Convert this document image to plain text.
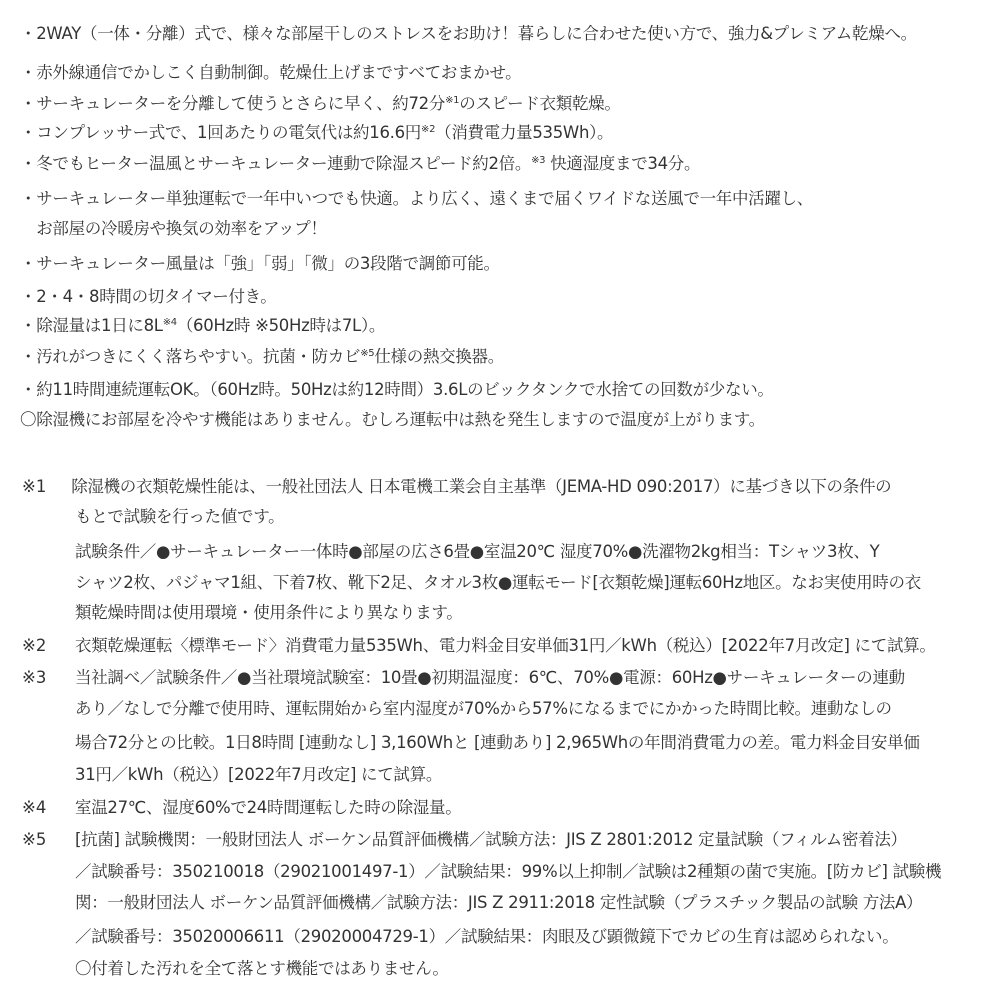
・2WAY（一体・分離）式で、様々な部屋干しのストレスをお助け！暮らしに合わせた使い方で、強力&プレミアム乾燥へ。
・赤外線通信でかしこく自動制御。乾燥仕上げまですべておまかせ。
・サーキュレーターを分離して使うとさらに早く、約72分$^{※1}$のスピード衣類乾燥。
・コンプレッサー式で、1回あたりの電気代は約16.6円$^{※2}$（消費電力量535Wh）。
・冬でもヒーター温風とサーキュレーター連動で除湿スピード約2倍。$^{※3}$ 快適湿度まで34分。
・サーキュレーター単独運転で一年中いつでも快適。より広く、遠くまで届くワイドな送風で一年中活躍し、
　お部屋の冷暖房や換気の効率をアップ！
・サーキュレーター風量は「強」「弱」「微」の3段階で調節可能。
・2・4・8時間の切タイマー付き。
・除湿量は1日に$8L^{※4}(60Hz$時 ※50Hz時は7L）。
・汚れがつきにくく落ちやすい。抗菌・防カビ$^{※5}$仕様の熱交換器。
・約11時間連続運転OK。（60Hz時。50Hzは約12時間）3.6Lのビックタンクで水捨ての回数が少ない。
〇除湿機にお部屋を冷やす機能はありません。むしろ運転中は熱を発生しますので温度が上がります。
※1 　除湿機の衣類乾燥性能は、一般社団法人 日本電機工業会自主基準（JEMA-HD 090:2017）に基づき以下の条件の
もとで試験を行った値です。
試験条件／●サーキュレーター一体時●部屋の広さ6畳●室温20℃ 湿度70%●洗濯物2kg相当：Tシャツ3枚、Y
シャツ2枚、パジャマ1組、下着7枚、靴下2足、タオル3枚●運転モード[衣類乾燥]運転60Hz地区。なお実使用時の衣
類乾燥時間は使用環境・使用条件により異なります。
※2 衣類乾燥運転〈標準モード〉消費電力量535Wh、電力料金目安単価31円／kWh（税込）[2022年7月改定] にて試算。
※3 当社調べ／試験条件／●当社環境試験室：10畳●初期温湿度：6℃、70%●電源：60Hz●サーキュレーターの連動
あり／なしで分離で使用時、運転開始から室内湿度が70%から57%になるまでにかかった時間比較。連動なしの
場合72分との比較。1日8時間 [連動なし] 3,160Whと [連動あり] 2,965Whの年間消費電力の差。電力料金目安単価
31円／kWh（税込）[2022年7月改定] にて試算。
※4 室温27℃、湿度60%で24時間運転した時の除湿量。
※5 [抗菌] 試験機関：一般財団法人 ボーケン品質評価機構／試験方法：JIS Z 2801:2012 定量試験（フィルム密着法）
／試験番号：350210018（29021001497-1）／試験結果：99%以上抑制／試験は2種類の菌で実施。[防カビ] 試験機
関：一般財団法人 ボーケン品質評価機構／試験方法：JIS Z 2911:2018 定性試験（プラスチック製品の試験 方法A）
／試験番号：35020006611（29020004729-1）／試験結果：肉眼及び顕微鏡下でカビの生育は認められない。
〇付着した汚れを全て落とす機能ではありません。
